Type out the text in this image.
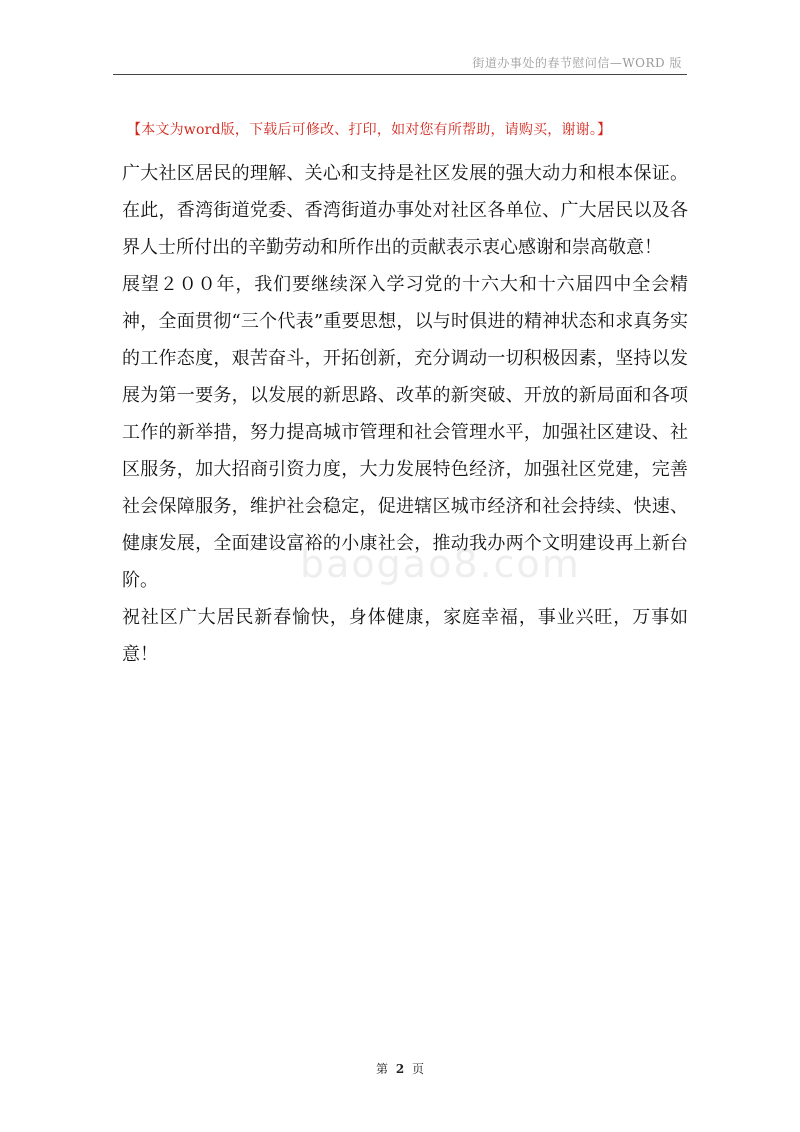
街道办事处的春节慰问信—WORD 版
【本文为word版，下载后可修改、打印，如对您有所帮助，请购买，谢谢。】

广大社区居民的理解、关心和支持是社区发展的强大动力和根本保证。在此，香湾街道党委、香湾街道办事处对社区各单位、广大居民以及各界人士所付出的辛勤劳动和所作出的贡献表示衷心感谢和崇高敬意！

展望２００年，我们要继续深入学习党的十六大和十六届四中全会精神，全面贯彻“三个代表”重要思想，以与时俱进的精神状态和求真务实的工作态度，艰苦奋斗，开拓创新，充分调动一切积极因素，坚持以发展为第一要务，以发展的新思路、改革的新突破、开放的新局面和各项工作的新举措，努力提高城市管理和社会管理水平，加强社区建设、社区服务，加大招商引资力度，大力发展特色经济，加强社区党建，完善社会保障服务，维护社会稳定，促进辖区城市经济和社会持续、快速、健康发展，全面建设富裕的小康社会，推动我办两个文明建设再上新台阶。

祝社区广大居民新春愉快，身体健康，家庭幸福，事业兴旺，万事如意！

baogao8.com
第 2 页
